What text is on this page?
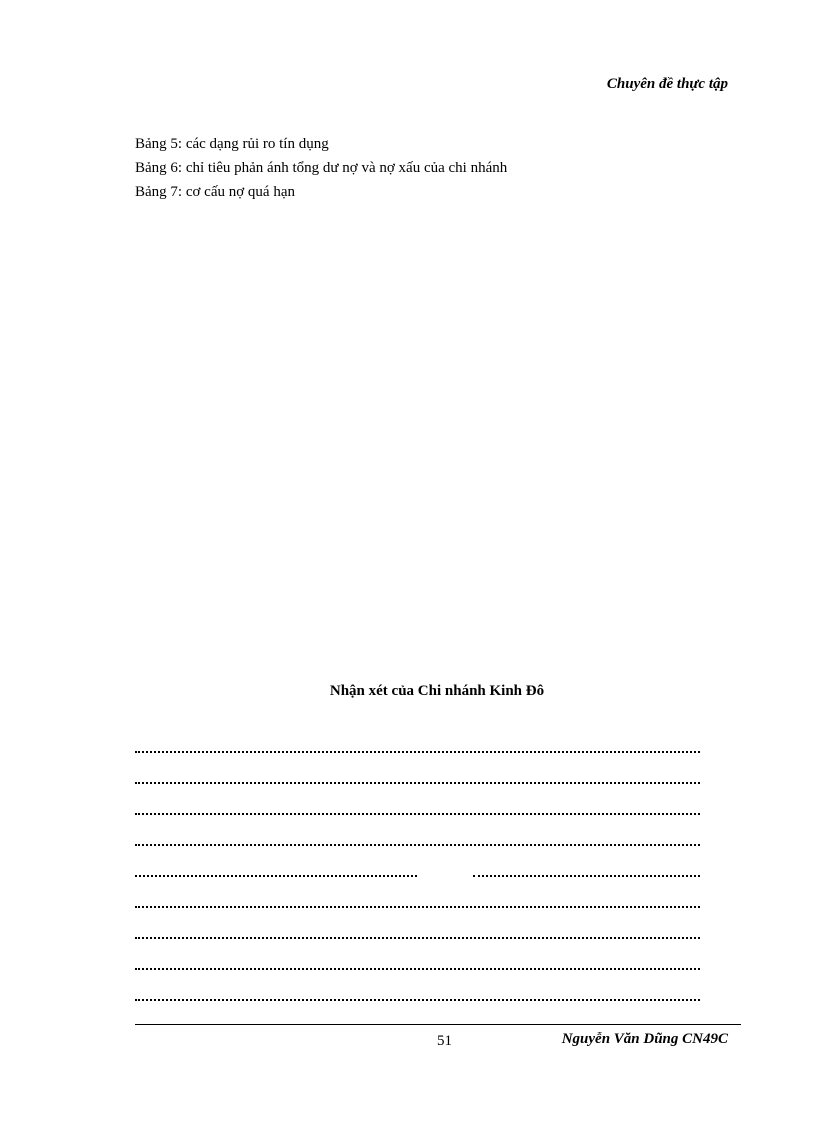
Chuyên đề thực tập
Bảng 5: các dạng rủi ro tín dụng
Bảng 6: chỉ tiêu phản ánh tổng dư nợ và nợ xấu của chi nhánh
Bảng 7: cơ cấu nợ quá hạn
Nhận xét của Chi nhánh Kinh Đô
51	Nguyễn Văn Dũng CN49C
